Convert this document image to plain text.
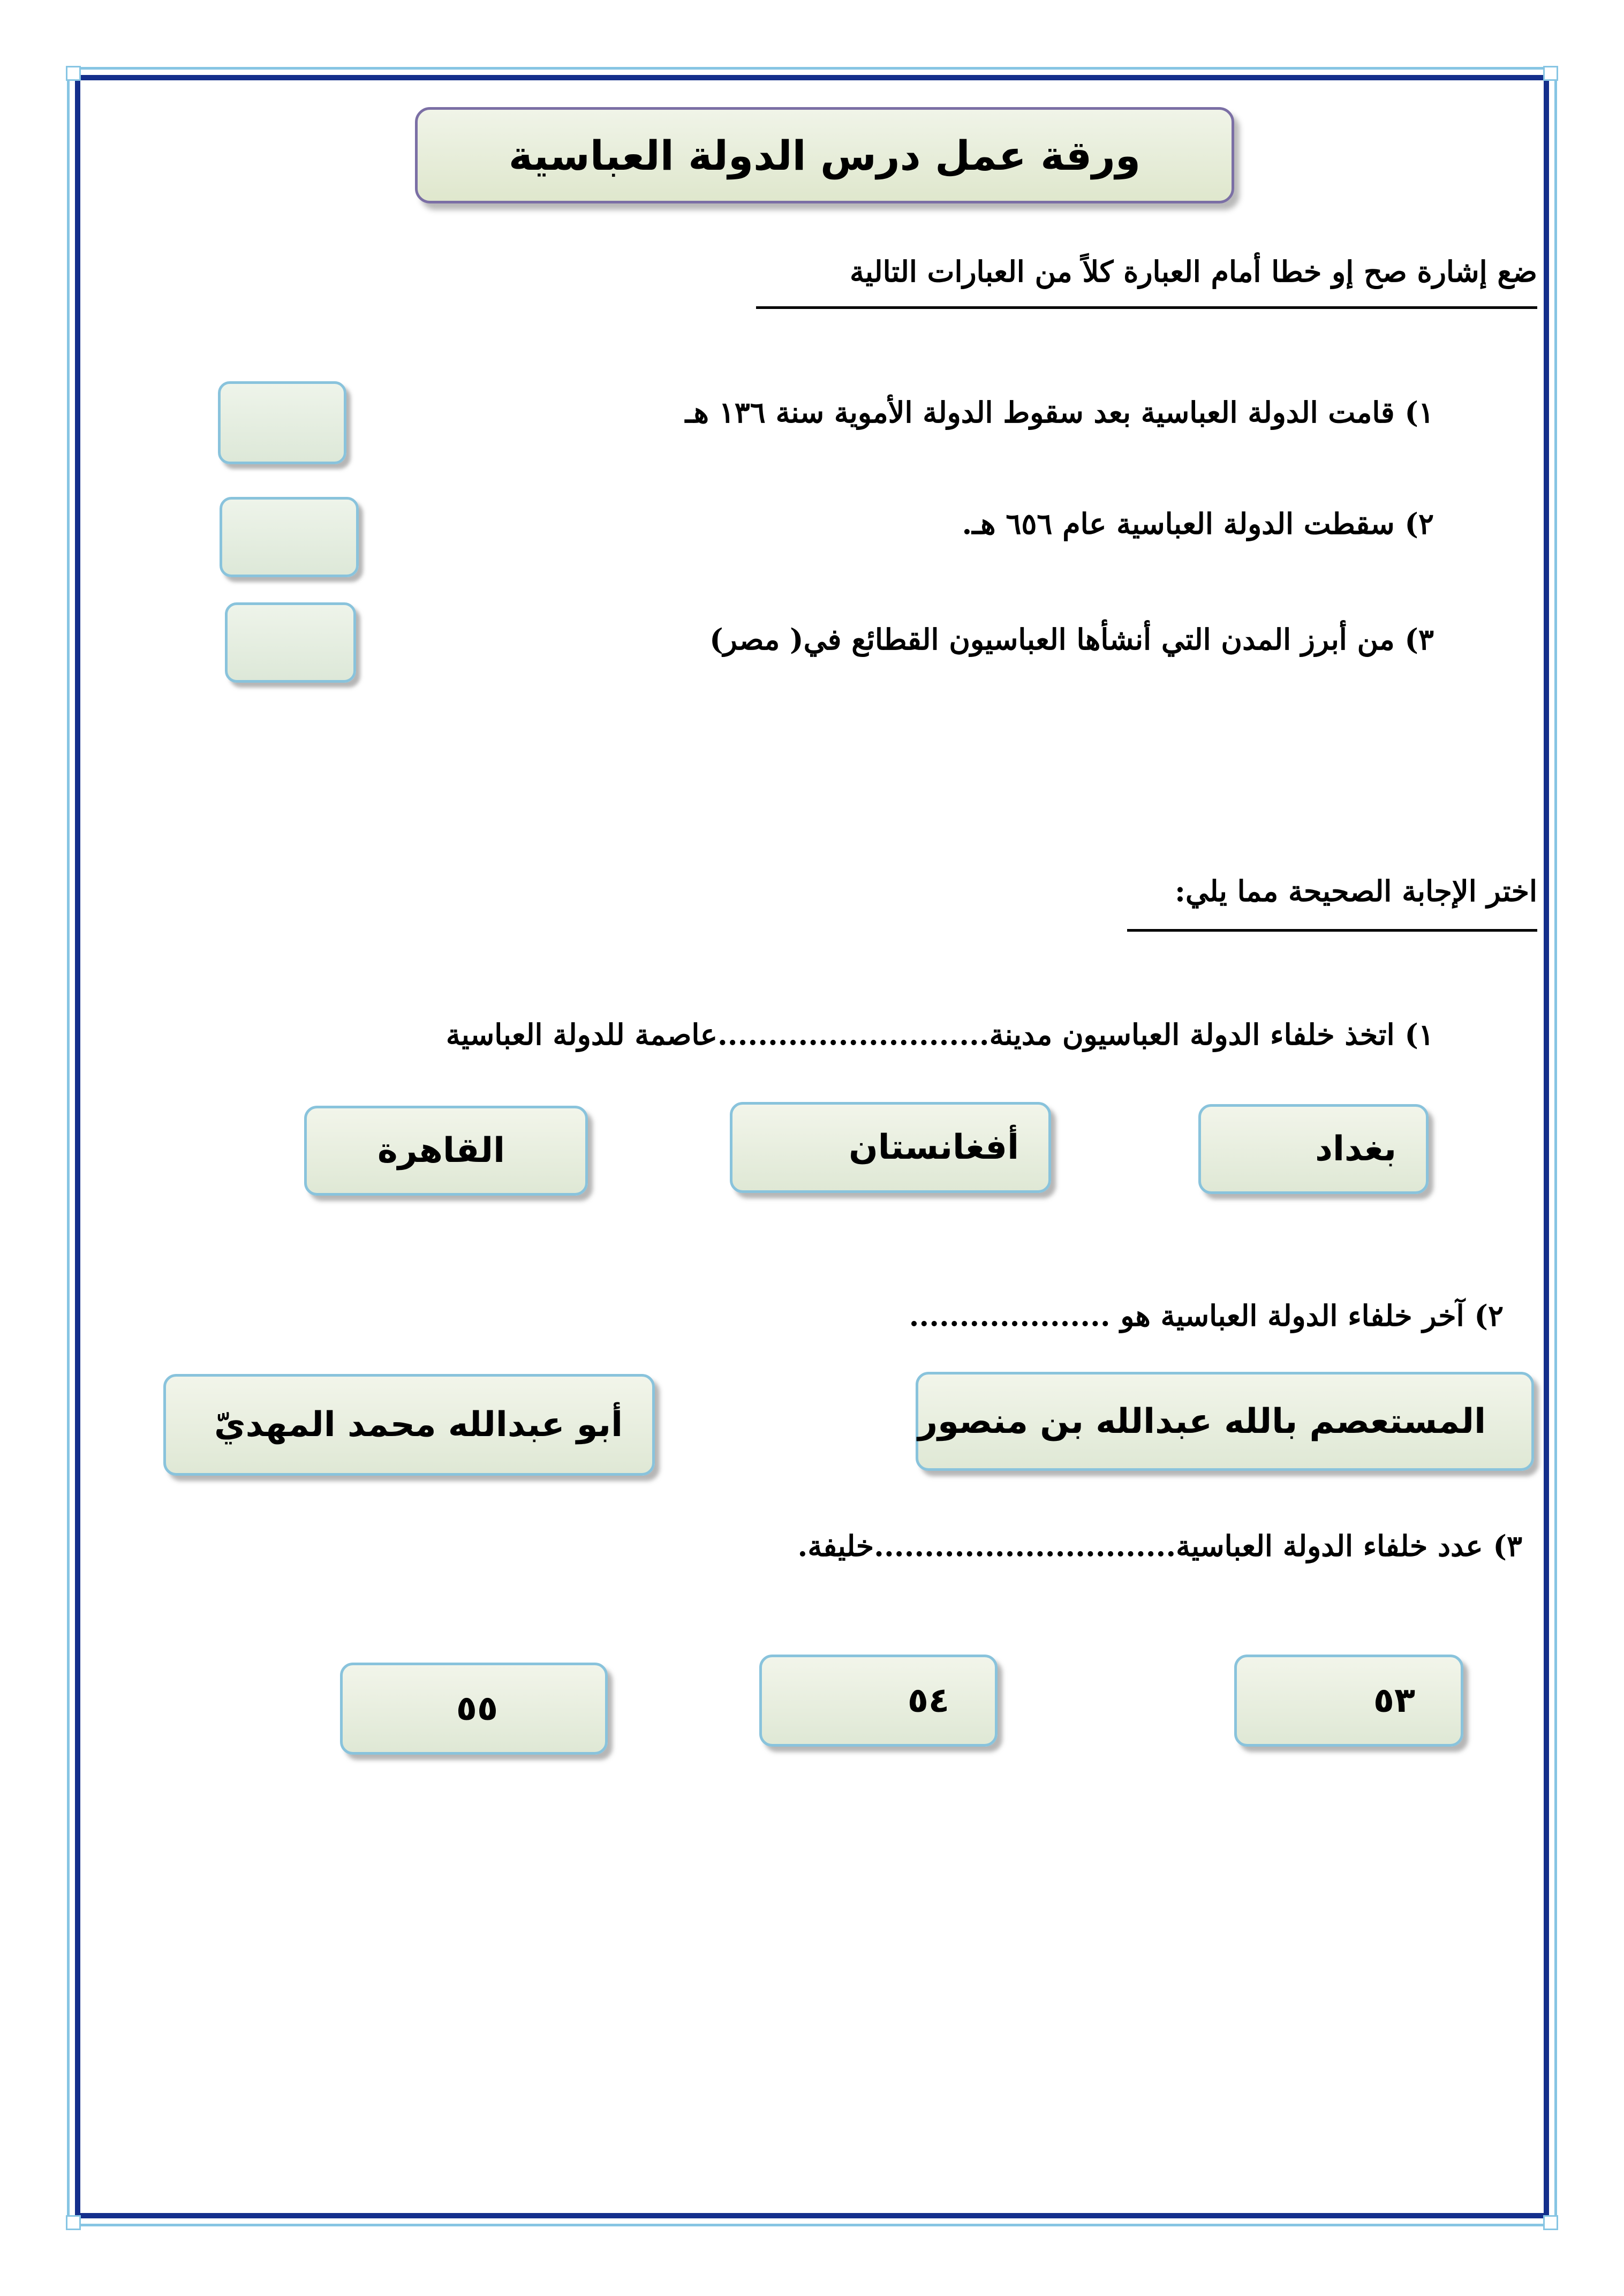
ورقة عمل درس الدولة العباسية
ضع إشارة صح إو خطا أمام العبارة كلاً من العبارات التالية
١) قامت الدولة العباسية بعد سقوط الدولة الأموية سنة ١٣٦ هـ
٢) سقطت الدولة العباسية عام ٦٥٦ هـ.
٣) من أبرز المدن التي أنشأها العباسيون القطائع في( مصر)
اختر الإجابة الصحيحة مما يلي:
١) اتخذ خلفاء الدولة العباسيون مدينة...........................عاصمة للدولة العباسية
بغداد
أفغانستان
القاهرة
٢) آخر خلفاء الدولة العباسية هو ....................
المستعصم بالله عبدالله بن منصور
أبو عبدالله محمد المهديّ
٣) عدد خلفاء الدولة العباسية..............................خليفة.
٥٣
٥٤
٥٥
